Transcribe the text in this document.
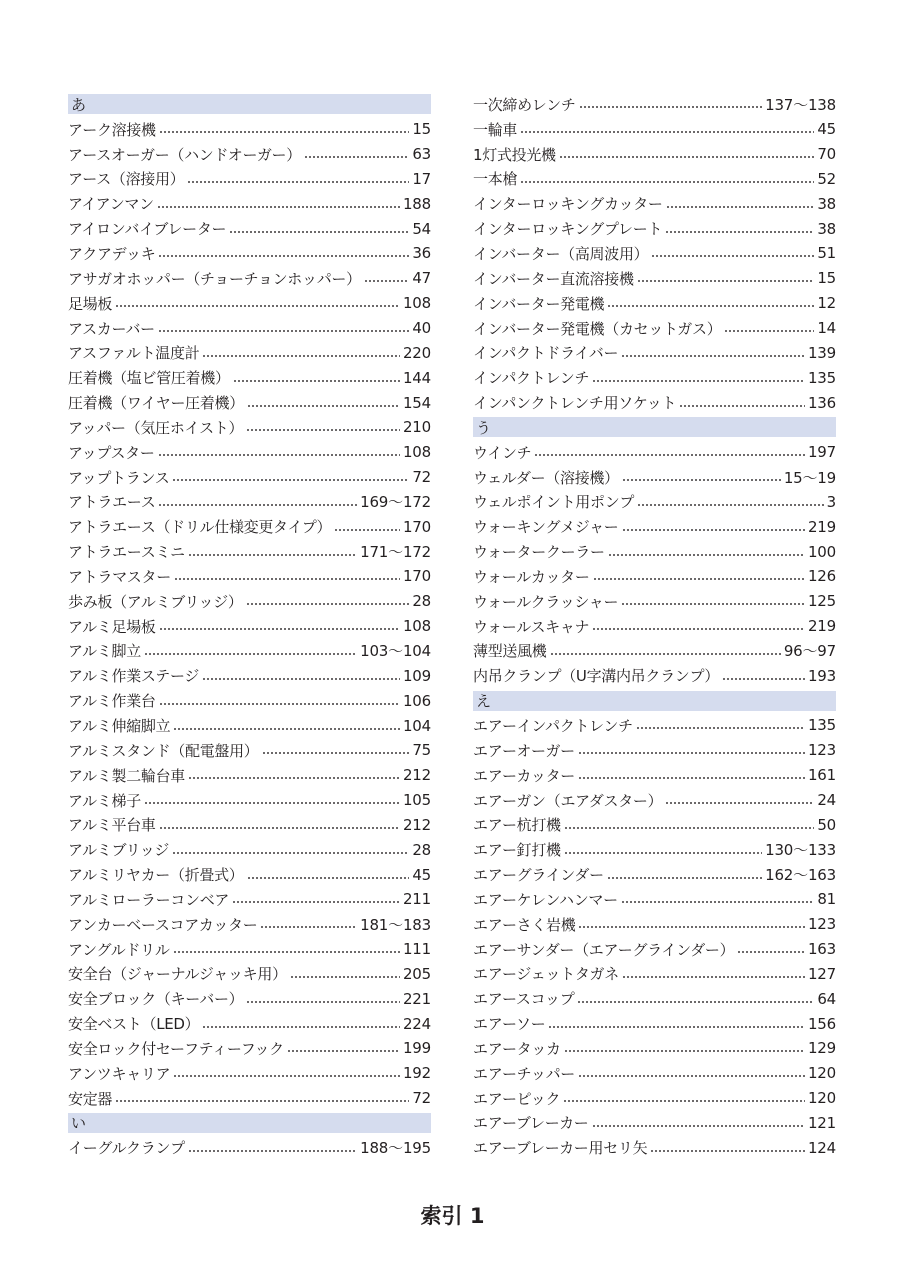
あ
アーク溶接機	15
アースオーガー（ハンドオーガー）	63
アース（溶接用）	17
アイアンマン	188
アイロンバイブレーター	54
アクアデッキ	36
アサガオホッパー（チョーチョンホッパー）	47
足場板	108
アスカーバー	40
アスファルト温度計	220
圧着機（塩ビ管圧着機）	144
圧着機（ワイヤー圧着機）	154
アッパー（気圧ホイスト）	210
アップスター	108
アップトランス	72
アトラエース	169～172
アトラエース（ドリル仕様変更タイプ）	170
アトラエースミニ	171～172
アトラマスター	170
歩み板（アルミブリッジ）	28
アルミ足場板	108
アルミ脚立	103～104
アルミ作業ステージ	109
アルミ作業台	106
アルミ伸縮脚立	104
アルミスタンド（配電盤用）	75
アルミ製二輪台車	212
アルミ梯子	105
アルミ平台車	212
アルミブリッジ	28
アルミリヤカー（折畳式）	45
アルミローラーコンベア	211
アンカーベースコアカッター	181～183
アングルドリル	111
安全台（ジャーナルジャッキ用）	205
安全ブロック（キーバー）	221
安全ベスト（LED）	224
安全ロック付セーフティーフック	199
アンツキャリア	192
安定器	72
い
イーグルクランプ	188～195
一次締めレンチ	137～138
一輪車	45
1灯式投光機	70
一本槍	52
インターロッキングカッター	38
インターロッキングプレート	38
インバーター（高周波用）	51
インバーター直流溶接機	15
インバーター発電機	12
インバーター発電機（カセットガス）	14
インパクトドライバー	139
インパクトレンチ	135
インパンクトレンチ用ソケット	136
う
ウインチ	197
ウェルダー（溶接機）	15～19
ウェルポイント用ポンプ	3
ウォーキングメジャー	219
ウォータークーラー	100
ウォールカッター	126
ウォールクラッシャー	125
ウォールスキャナ	219
薄型送風機	96～97
内吊クランプ（U字溝内吊クランプ）	193
え
エアーインパクトレンチ	135
エアーオーガー	123
エアーカッター	161
エアーガン（エアダスター）	24
エアー杭打機	50
エアー釘打機	130～133
エアーグラインダー	162～163
エアーケレンハンマー	81
エアーさく岩機	123
エアーサンダー（エアーグラインダー）	163
エアージェットタガネ	127
エアースコップ	64
エアーソー	156
エアータッカ	129
エアーチッパー	120
エアーピック	120
エアーブレーカー	121
エアーブレーカー用セリ矢	124
索引 1
